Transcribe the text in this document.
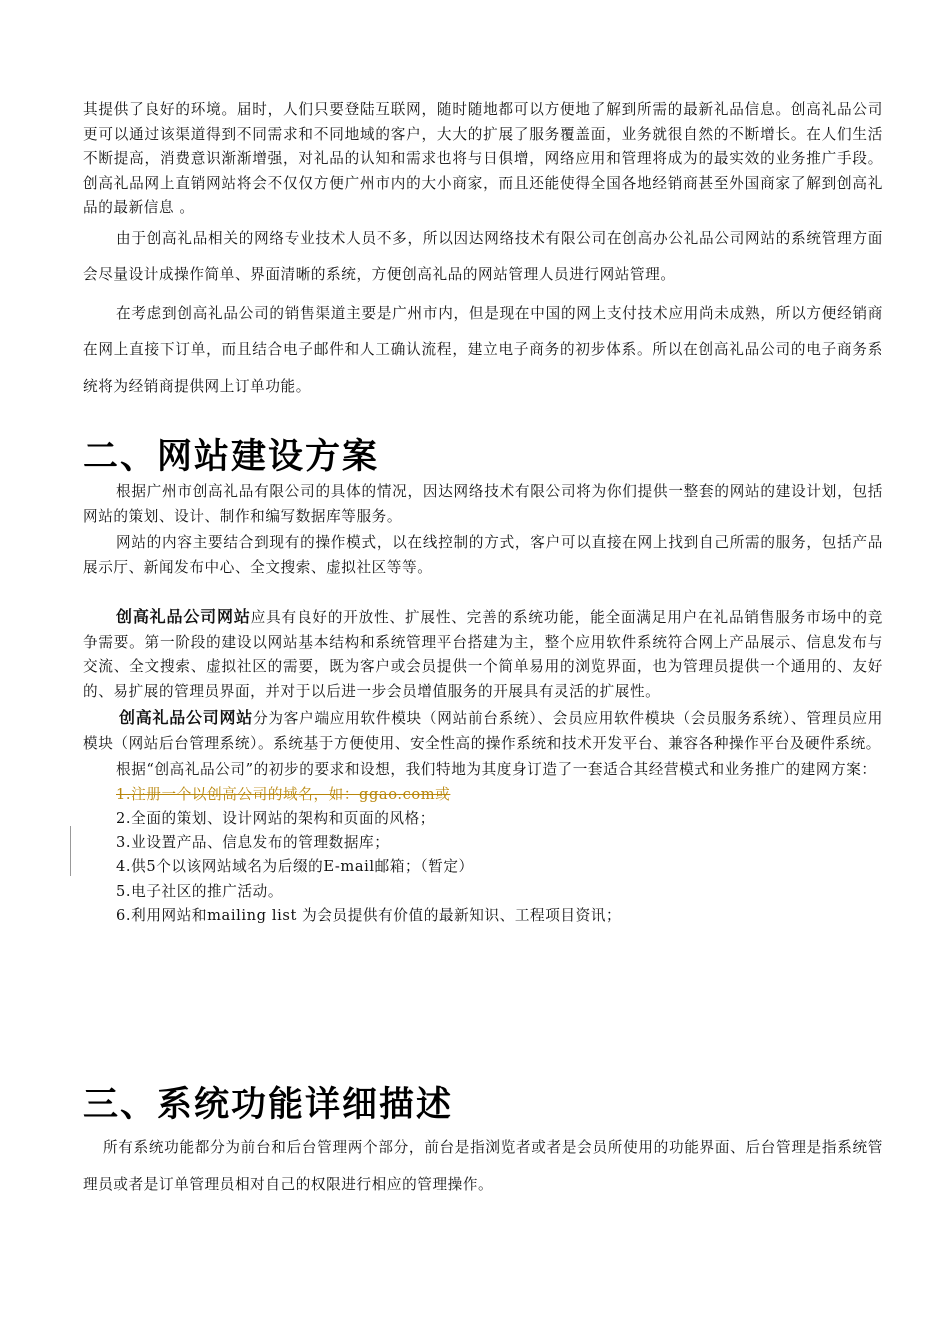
其提供了良好的环境。届时，人们只要登陆互联网，随时随地都可以方便地了解到所需的最新礼品信息。创高礼品公司更可以通过该渠道得到不同需求和不同地域的客户，大大的扩展了服务覆盖面，业务就很自然的不断增长。在人们生活不断提高，消费意识渐渐增强，对礼品的认知和需求也将与日俱增，网络应用和管理将成为的最实效的业务推广手段。创高礼品网上直销网站将会不仅仅方便广州市内的大小商家，而且还能使得全国各地经销商甚至外国商家了解到创高礼品的最新信息 。

由于创高礼品相关的网络专业技术人员不多，所以因达网络技术有限公司在创高办公礼品公司网站的系统管理方面会尽量设计成操作简单、界面清晰的系统，方便创高礼品的网站管理人员进行网站管理。

在考虑到创高礼品公司的销售渠道主要是广州市内，但是现在中国的网上支付技术应用尚未成熟，所以方便经销商在网上直接下订单，而且结合电子邮件和人工确认流程，建立电子商务的初步体系。所以在创高礼品公司的电子商务系统将为经销商提供网上订单功能。

二、网站建设方案

根据广州市创高礼品有限公司的具体的情况，因达网络技术有限公司将为你们提供一整套的网站的建设计划，包括网站的策划、设计、制作和编写数据库等服务。

网站的内容主要结合到现有的操作模式，以在线控制的方式，客户可以直接在网上找到自己所需的服务，包括产品展示厅、新闻发布中心、全文搜索、虚拟社区等等。

创高礼品公司网站应具有良好的开放性、扩展性、完善的系统功能，能全面满足用户在礼品销售服务市场中的竞争需要。第一阶段的建设以网站基本结构和系统管理平台搭建为主，整个应用软件系统符合网上产品展示、信息发布与交流、全文搜索、虚拟社区的需要，既为客户或会员提供一个简单易用的浏览界面，也为管理员提供一个通用的、友好的、易扩展的管理员界面，并对于以后进一步会员增值服务的开展具有灵活的扩展性。

创高礼品公司网站分为客户端应用软件模块（网站前台系统）、会员应用软件模块（会员服务系统）、管理员应用模块（网站后台管理系统）。系统基于方便使用、安全性高的操作系统和技术开发平台、兼容各种操作平台及硬件系统。

根据“创高礼品公司”的初步的要求和设想，我们特地为其度身订造了一套适合其经营模式和业务推广的建网方案：

1.注册一个以创高公司的域名，如：ggao.com或
2.全面的策划、设计网站的架构和页面的风格；
3.业设置产品、信息发布的管理数据库；
4.供5个以该网站域名为后缀的E-mail邮箱；（暂定）
5.电子社区的推广活动。
6.利用网站和mailing list 为会员提供有价值的最新知识、工程项目资讯；
三、系统功能详细描述

所有系统功能都分为前台和后台管理两个部分，前台是指浏览者或者是会员所使用的功能界面、后台管理是指系统管理员或者是订单管理员相对自己的权限进行相应的管理操作。
